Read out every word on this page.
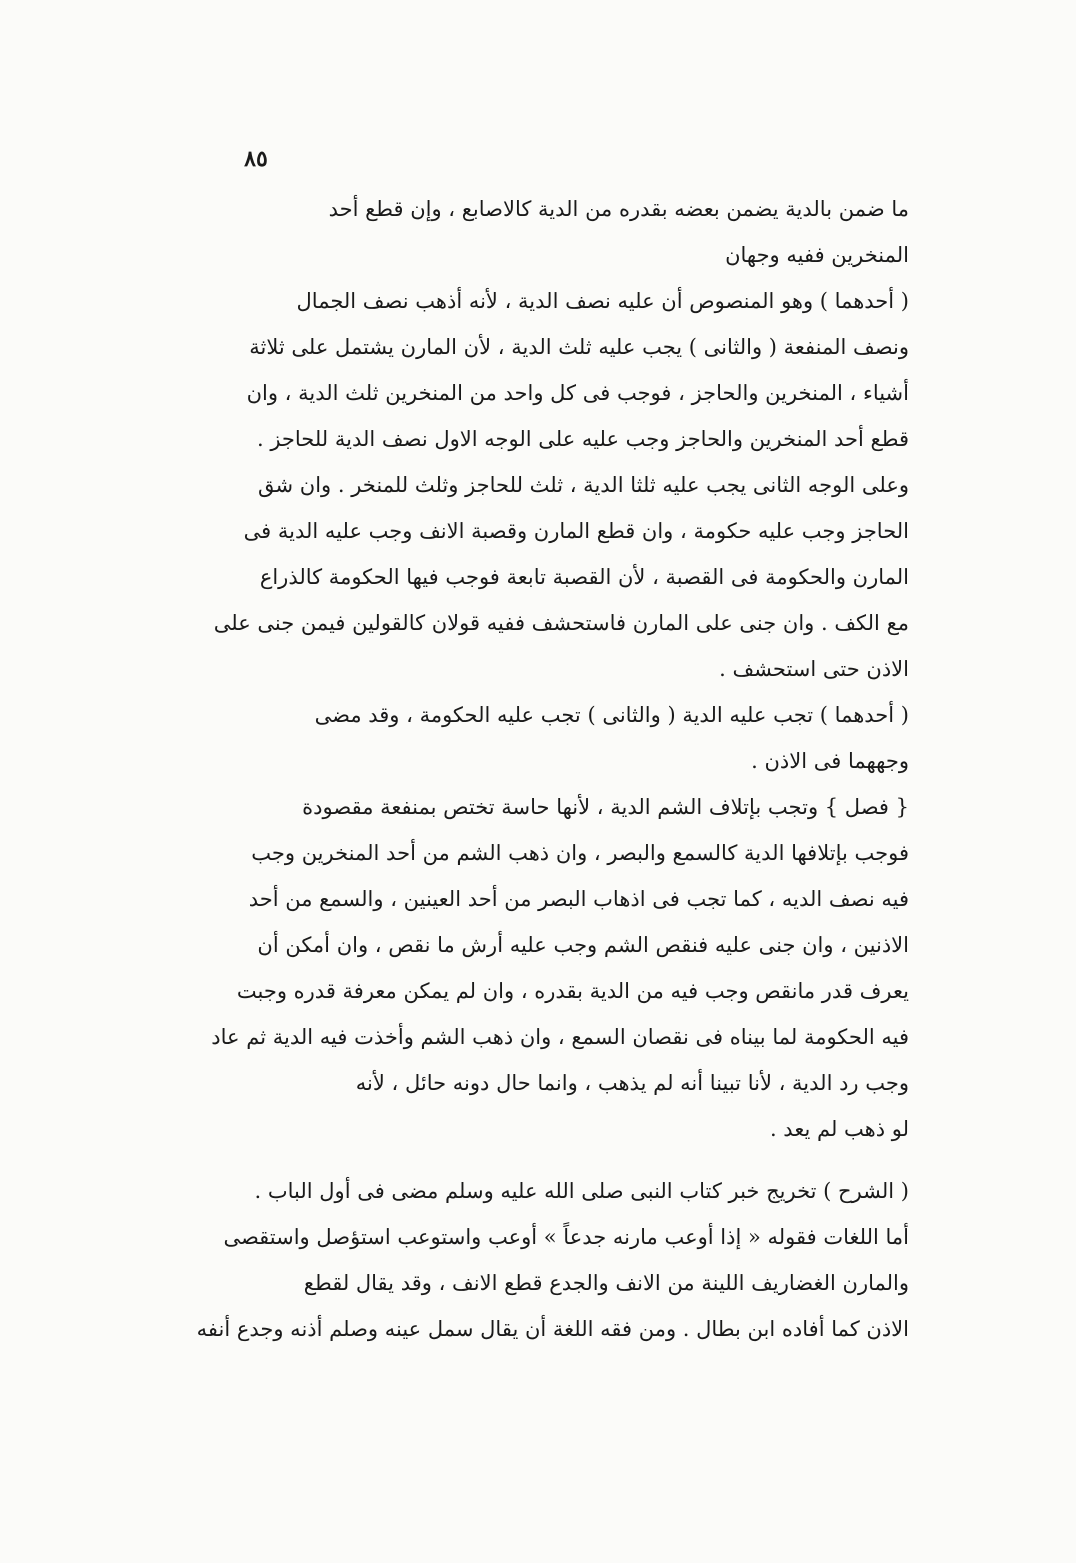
٨٥
ما ضمن بالدية يضمن بعضه بقدره من الدية كالاصابع ، وإن قطع أحد
المنخرين ففيه وجهان
( أحدهما ) وهو المنصوص أن عليه نصف الدية ، لأنه أذهب نصف الجمال
ونصف المنفعة ( والثانى ) يجب عليه ثلث الدية ، لأن المارن يشتمل على ثلاثة
أشياء ، المنخرين والحاجز ، فوجب فى كل واحد من المنخرين ثلث الدية ، وان
قطع أحد المنخرين والحاجز وجب عليه على الوجه الاول نصف الدية للحاجز .
وعلى الوجه الثانى يجب عليه ثلثا الدية ، ثلث للحاجز وثلث للمنخر . وان شق
الحاجز وجب عليه حكومة ، وان قطع المارن وقصبة الانف وجب عليه الدية فى
المارن والحكومة فى القصبة ، لأن القصبة تابعة فوجب فيها الحكومة كالذراع
مع الكف . وان جنى على المارن فاستحشف ففيه قولان كالقولين فيمن جنى على
الاذن حتى استحشف .
( أحدهما ) تجب عليه الدية ( والثانى ) تجب عليه الحكومة ، وقد مضى
وجههما فى الاذن .
{ فصل } وتجب بإتلاف الشم الدية ، لأنها حاسة تختص بمنفعة مقصودة
فوجب بإتلافها الدية كالسمع والبصر ، وان ذهب الشم من أحد المنخرين وجب
فيه نصف الديه ، كما تجب فى اذهاب البصر من أحد العينين ، والسمع من أحد
الاذنين ، وان جنى عليه فنقص الشم وجب عليه أرش ما نقص ، وان أمكن أن
يعرف قدر مانقص وجب فيه من الدية بقدره ، وان لم يمكن معرفة قدره وجبت
فيه الحكومة لما بيناه فى نقصان السمع ، وان ذهب الشم وأخذت فيه الدية ثم عاد
وجب رد الدية ، لأنا تبينا أنه لم يذهب ، وانما حال دونه حائل ، لأنه
لو ذهب لم يعد .
( الشرح ) تخريج خبر كتاب النبى صلى الله عليه وسلم مضى فى أول الباب .
أما اللغات فقوله « إذا أوعب مارنه جدعاً » أوعب واستوعب استؤصل واستقصى
والمارن الغضاريف اللينة من الانف والجدع قطع الانف ، وقد يقال لقطع
الاذن كما أفاده ابن بطال . ومن فقه اللغة أن يقال سمل عينه وصلم أذنه وجدع أنفه
